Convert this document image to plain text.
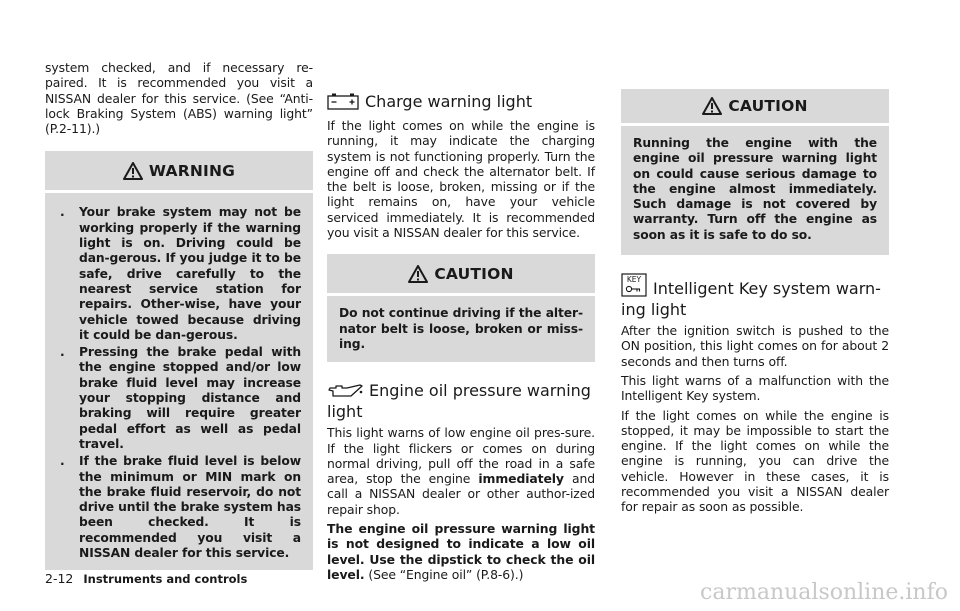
system checked, and if necessary re-paired. It is recommended you visit a NISSAN dealer for this service. (See “Anti-lock Braking System (ABS) warning light” (P.2-11).)

WARNING
. Your brake system may not be working properly if the warning light is on. Driving could be dan-gerous. If you judge it to be safe, drive carefully to the nearest service station for repairs. Other-wise, have your vehicle towed because driving it could be dan-gerous.
. Pressing the brake pedal with the engine stopped and/or low brake fluid level may increase your stopping distance and braking will require greater pedal effort as well as pedal travel.
. If the brake fluid level is below the minimum or MIN mark on the brake fluid reservoir, do not drive until the brake system has been checked. It is recommended you visit a NISSAN dealer for this service.
Charge warning light

If the light comes on while the engine is running, it may indicate the charging system is not functioning properly. Turn the engine off and check the alternator belt. If the belt is loose, broken, missing or if the light remains on, have your vehicle serviced immediately. It is recommended you visit a NISSAN dealer for this service.

CAUTION
Do not continue driving if the alter-nator belt is loose, broken or miss-ing.
Engine oil pressure warning light

This light warns of low engine oil pres-sure. If the light flickers or comes on during normal driving, pull off the road in a safe area, stop the engine immediately and call a NISSAN dealer or other author-ized repair shop.

The engine oil pressure warning light is not designed to indicate a low oil level. Use the dipstick to check the oil level. (See “Engine oil” (P.8-6).)

CAUTION
Running the engine with the engine oil pressure warning light on could cause serious damage to the engine almost immediately. Such damage is not covered by warranty. Turn off the engine as soon as it is safe to do so.
KEY Intelligent Key system warn-ing light

After the ignition switch is pushed to the ON position, this light comes on for about 2 seconds and then turns off.

This light warns of a malfunction with the Intelligent Key system.

If the light comes on while the engine is stopped, it may be impossible to start the engine. If the light comes on while the engine is running, you can drive the vehicle. However in these cases, it is recommended you visit a NISSAN dealer for repair as soon as possible.

2-12 Instruments and controls
carmanualsonline.info
